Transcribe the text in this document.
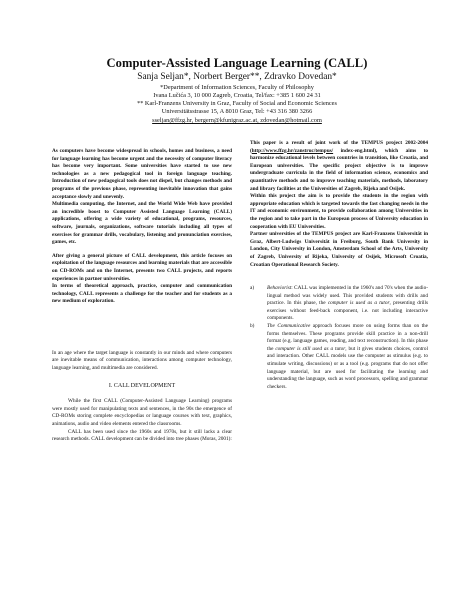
Computer-Assisted Language Learning (CALL)
Sanja Seljan*, Norbert Berger**, Zdravko Dovedan*
*Department of Information Sciences, Faculty of Philosophy
Ivana Lučića 3, 10 000 Zagreb, Croatia, Tel/fax: +385 1 600 24 31
** Karl-Franzens University in Graz, Faculty of Social and Economic Sciences
Universitätsstrasse 15, A 8010 Graz, Tel: +43 316 380 3266
sseljan@ffzg.hr, bergern@kfunigraz.ac.at, zdovedan@hotmail.com

As computers have become widespread in schools, homes and business, a need for language learning has become urgent and the necessity of computer literacy has become very important. Some universities have started to use new technologies as a new pedagogical tool in foreign language teaching. Introduction of new pedagogical tools does not dispel, but changes methods and programs of the previous phase, representing inevitable innovation that gains acceptance slowly and unevenly.

Multimedia computing, the Internet, and the World Wide Web have provided an incredible boost to Computer Assisted Language Learning (CALL) applications, offering a wide variety of educational, programs, resources, software, journals, organizations, software tutorials including all types of exercises for grammar drills, vocabulary, listening and pronunciation exercises, games, etc.

After giving a general picture of CALL development, this article focuses on exploitation of the language resources and learning materials that are accessible on CD-ROMs and on the Internet, presents two CALL projects, and reports experiences in partner universities.

In terms of theoretical approach, practice, computer and communication technology, CALL represents a challenge for the teacher and for students as a new medium of exploration.

In an age where the target language is constantly in our minds and where computers are inevitable means of communication, interactions among computer technology, language learning, and multimedia are considered.

I. CALL DEVELOPMENT

While the first CALL (Computer-Assisted Language Learning) programs were mostly used for manipulating texts and sentences, in the 90s the emergence of CD-ROMs storing complete encyclopedias or language courses with text, graphics, animations, audio and video elements entered the classrooms.

CALL has been used since the 1960s and 1970s, but it still lacks a clear research methods. CALL development can be divided into tree phases (Moras, 2001):

This paper is a result of joint work of the TEMPUS project 2002-2004 (http://www.ffzg.hr/zanstruc/tempus/ index-eng.html), which aims to harmonize educational levels between countries in transition, like Croatia, and European universities. The specific project objective is to improve undergraduate curricula in the field of information science, economics and quantitative methods and to improve teaching materials, methods, laboratory and library facilities at the Universities of Zagreb, Rijeka and Osijek.

Within this project the aim is to provide the students in the region with appropriate education which is targeted towards the fast changing needs in the IT and economic environment, to provide collaboration among Universities in the region and to take part in the European process of University education in cooperation with EU Universities.

Partner universities of the TEMPUS project are Karl-Franzens Universität in Graz, Albert-Ludwigs Universität in Freiburg, South Bank University in London, City University in London, Amsterdam School of the Arts, University of Zagreb, University of Rijeka, University of Osijek, Microsoft Croatia, Croatian Operational Research Society.

a)	Behaviorist: CALL was implemented in the 1960's and 70's when the audio-lingual method was widely used. This provided students with drills and practice. In this phase, the computer is used as a tutor, presenting drills exercises without feed-back component, i.e. not including interactive components.
b)	The Communicative approach focuses more on using forms than on the forms themselves. These programs provide skill practice in a non-drill format (e.g. language games, reading, and text reconstruction). In this phase the computer is still used as a tutor, but it gives students choices, control and interaction. Other CALL models use the computer as stimulus (e.g. to stimulate writing, discussions) or as a tool (e.g. programs that do not offer language material, but are used for facilitating the learning and understanding the language, such as word processors, spelling and grammar checkers.
